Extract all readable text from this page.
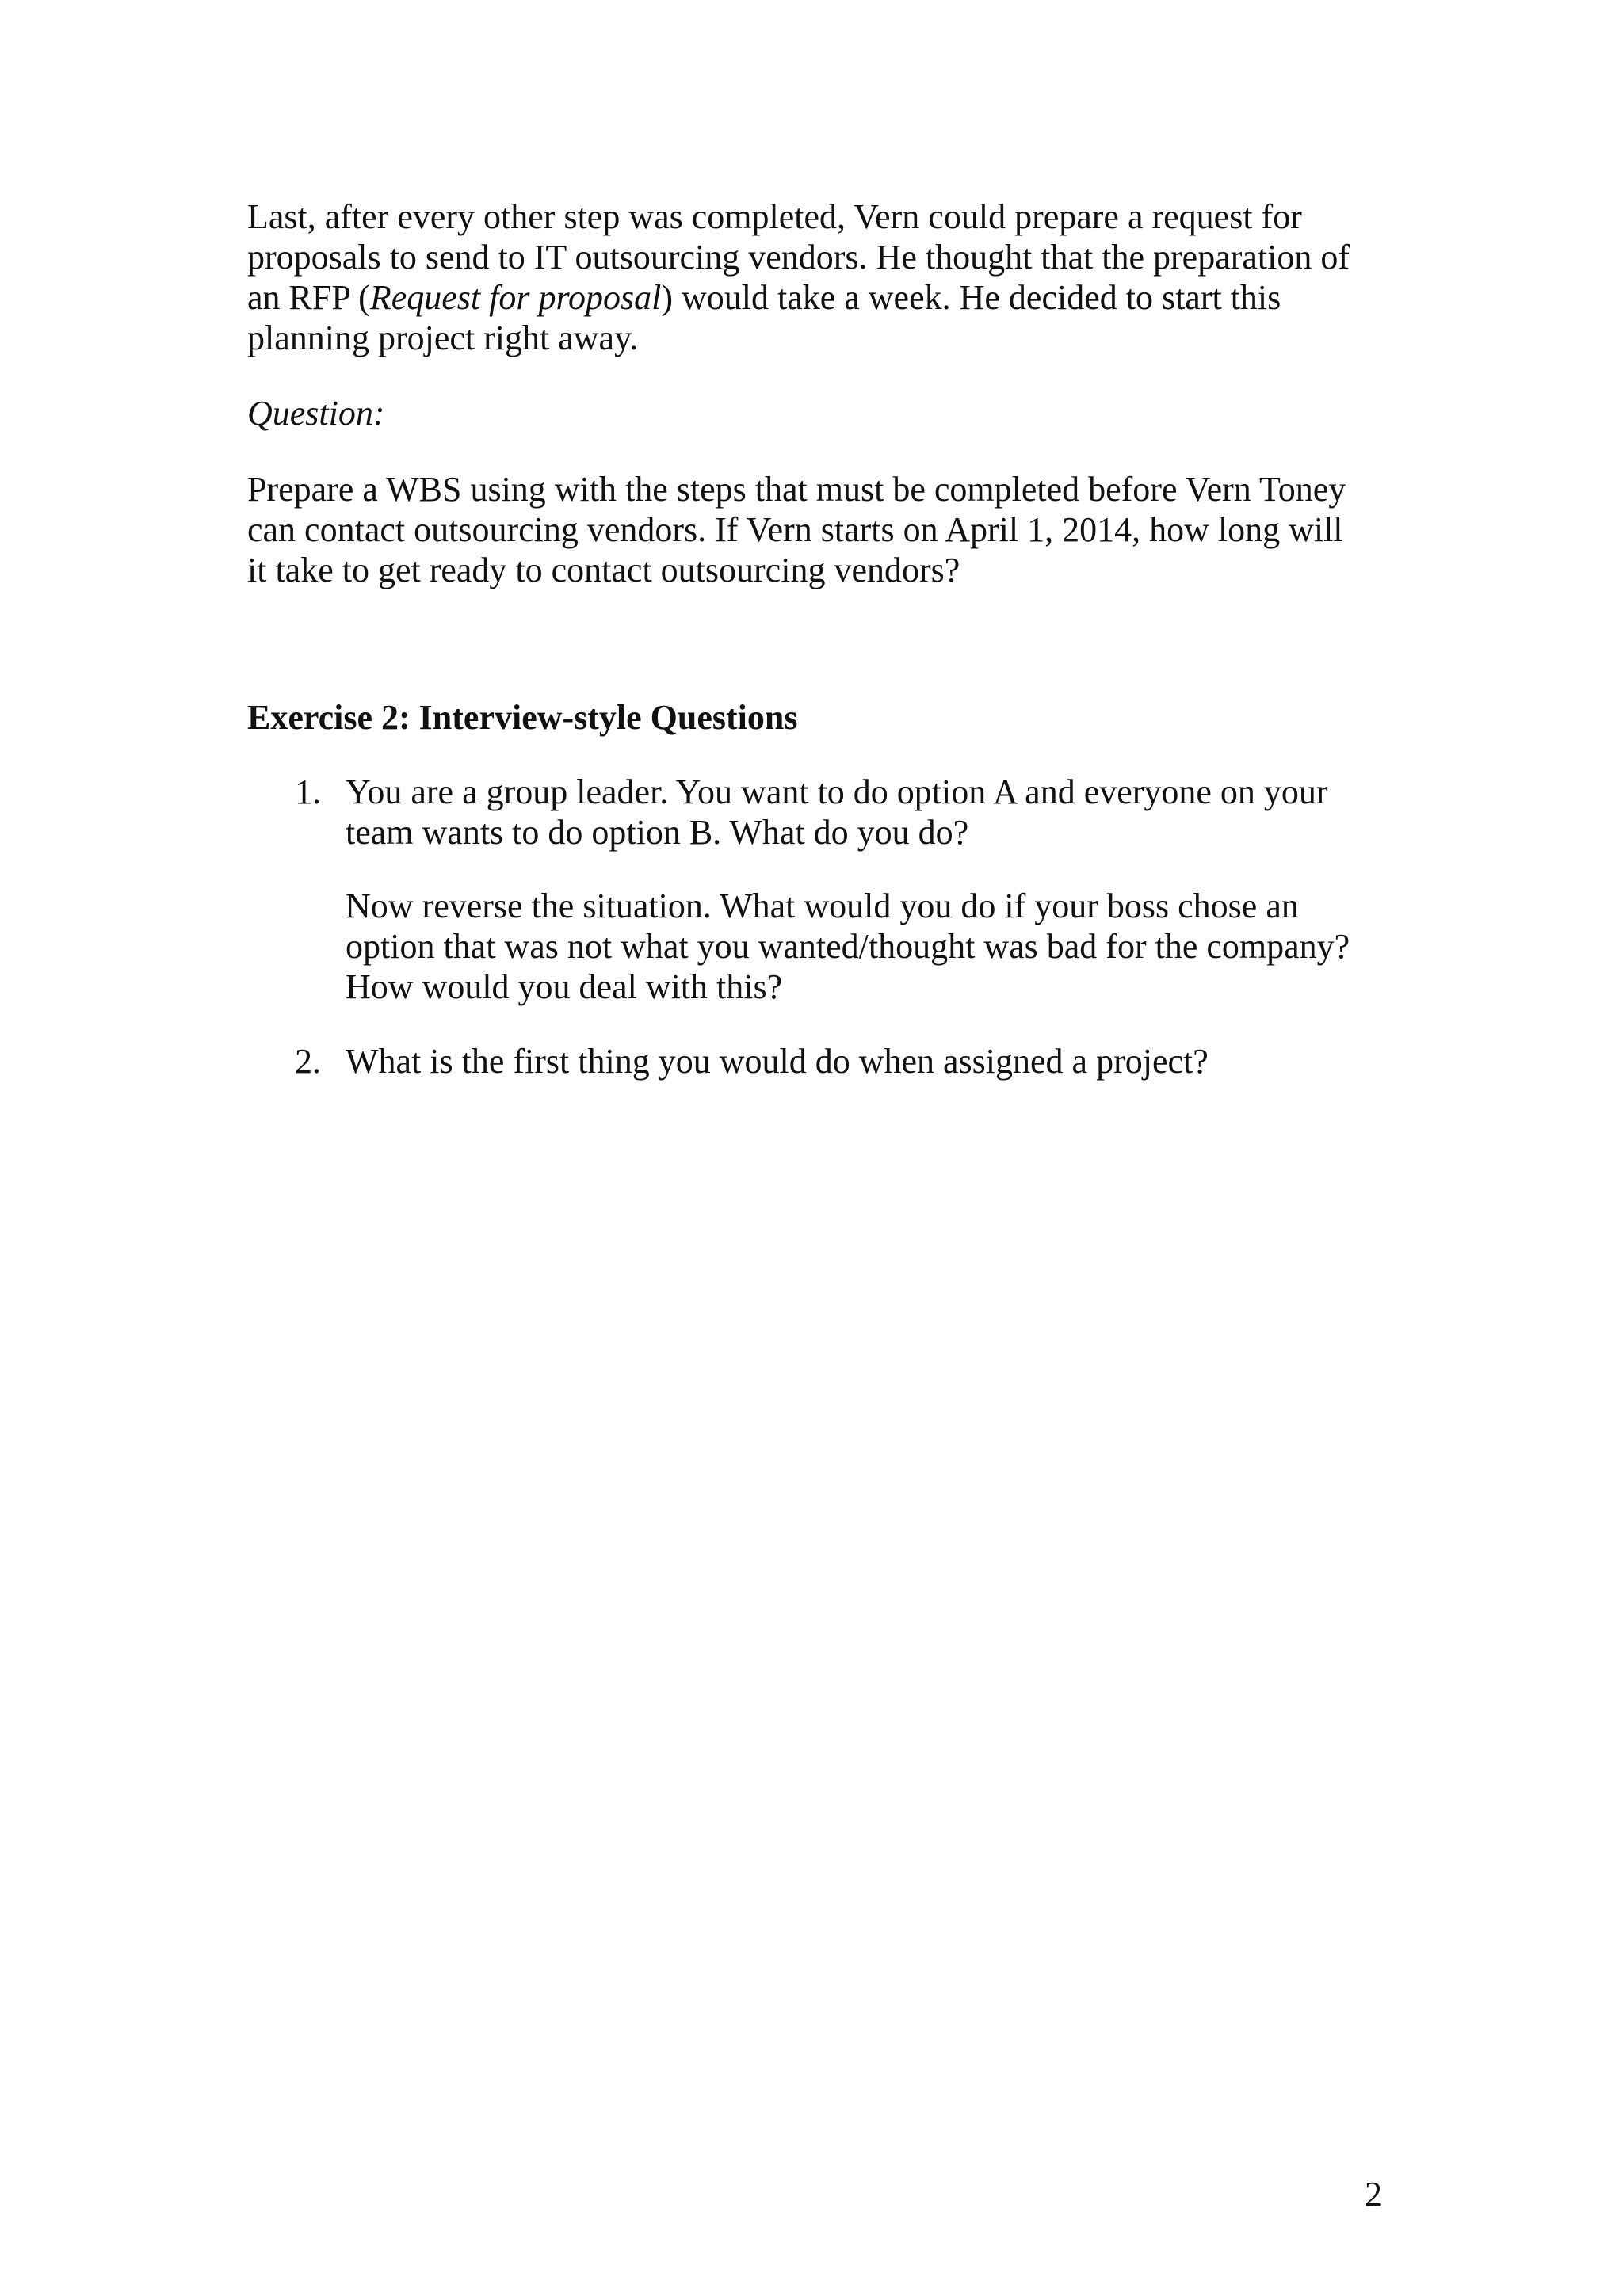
Last, after every other step was completed, Vern could prepare a request for
proposals to send to IT outsourcing vendors. He thought that the preparation of
an RFP (Request for proposal) would take a week. He decided to start this
planning project right away.
Question:
Prepare a WBS using with the steps that must be completed before Vern Toney
can contact outsourcing vendors. If Vern starts on April 1, 2014, how long will
it take to get ready to contact outsourcing vendors?
Exercise 2: Interview-style Questions
1. You are a group leader. You want to do option A and everyone on your
team wants to do option B. What do you do?
Now reverse the situation. What would you do if your boss chose an
option that was not what you wanted/thought was bad for the company?
How would you deal with this?
2. What is the first thing you would do when assigned a project?
2
